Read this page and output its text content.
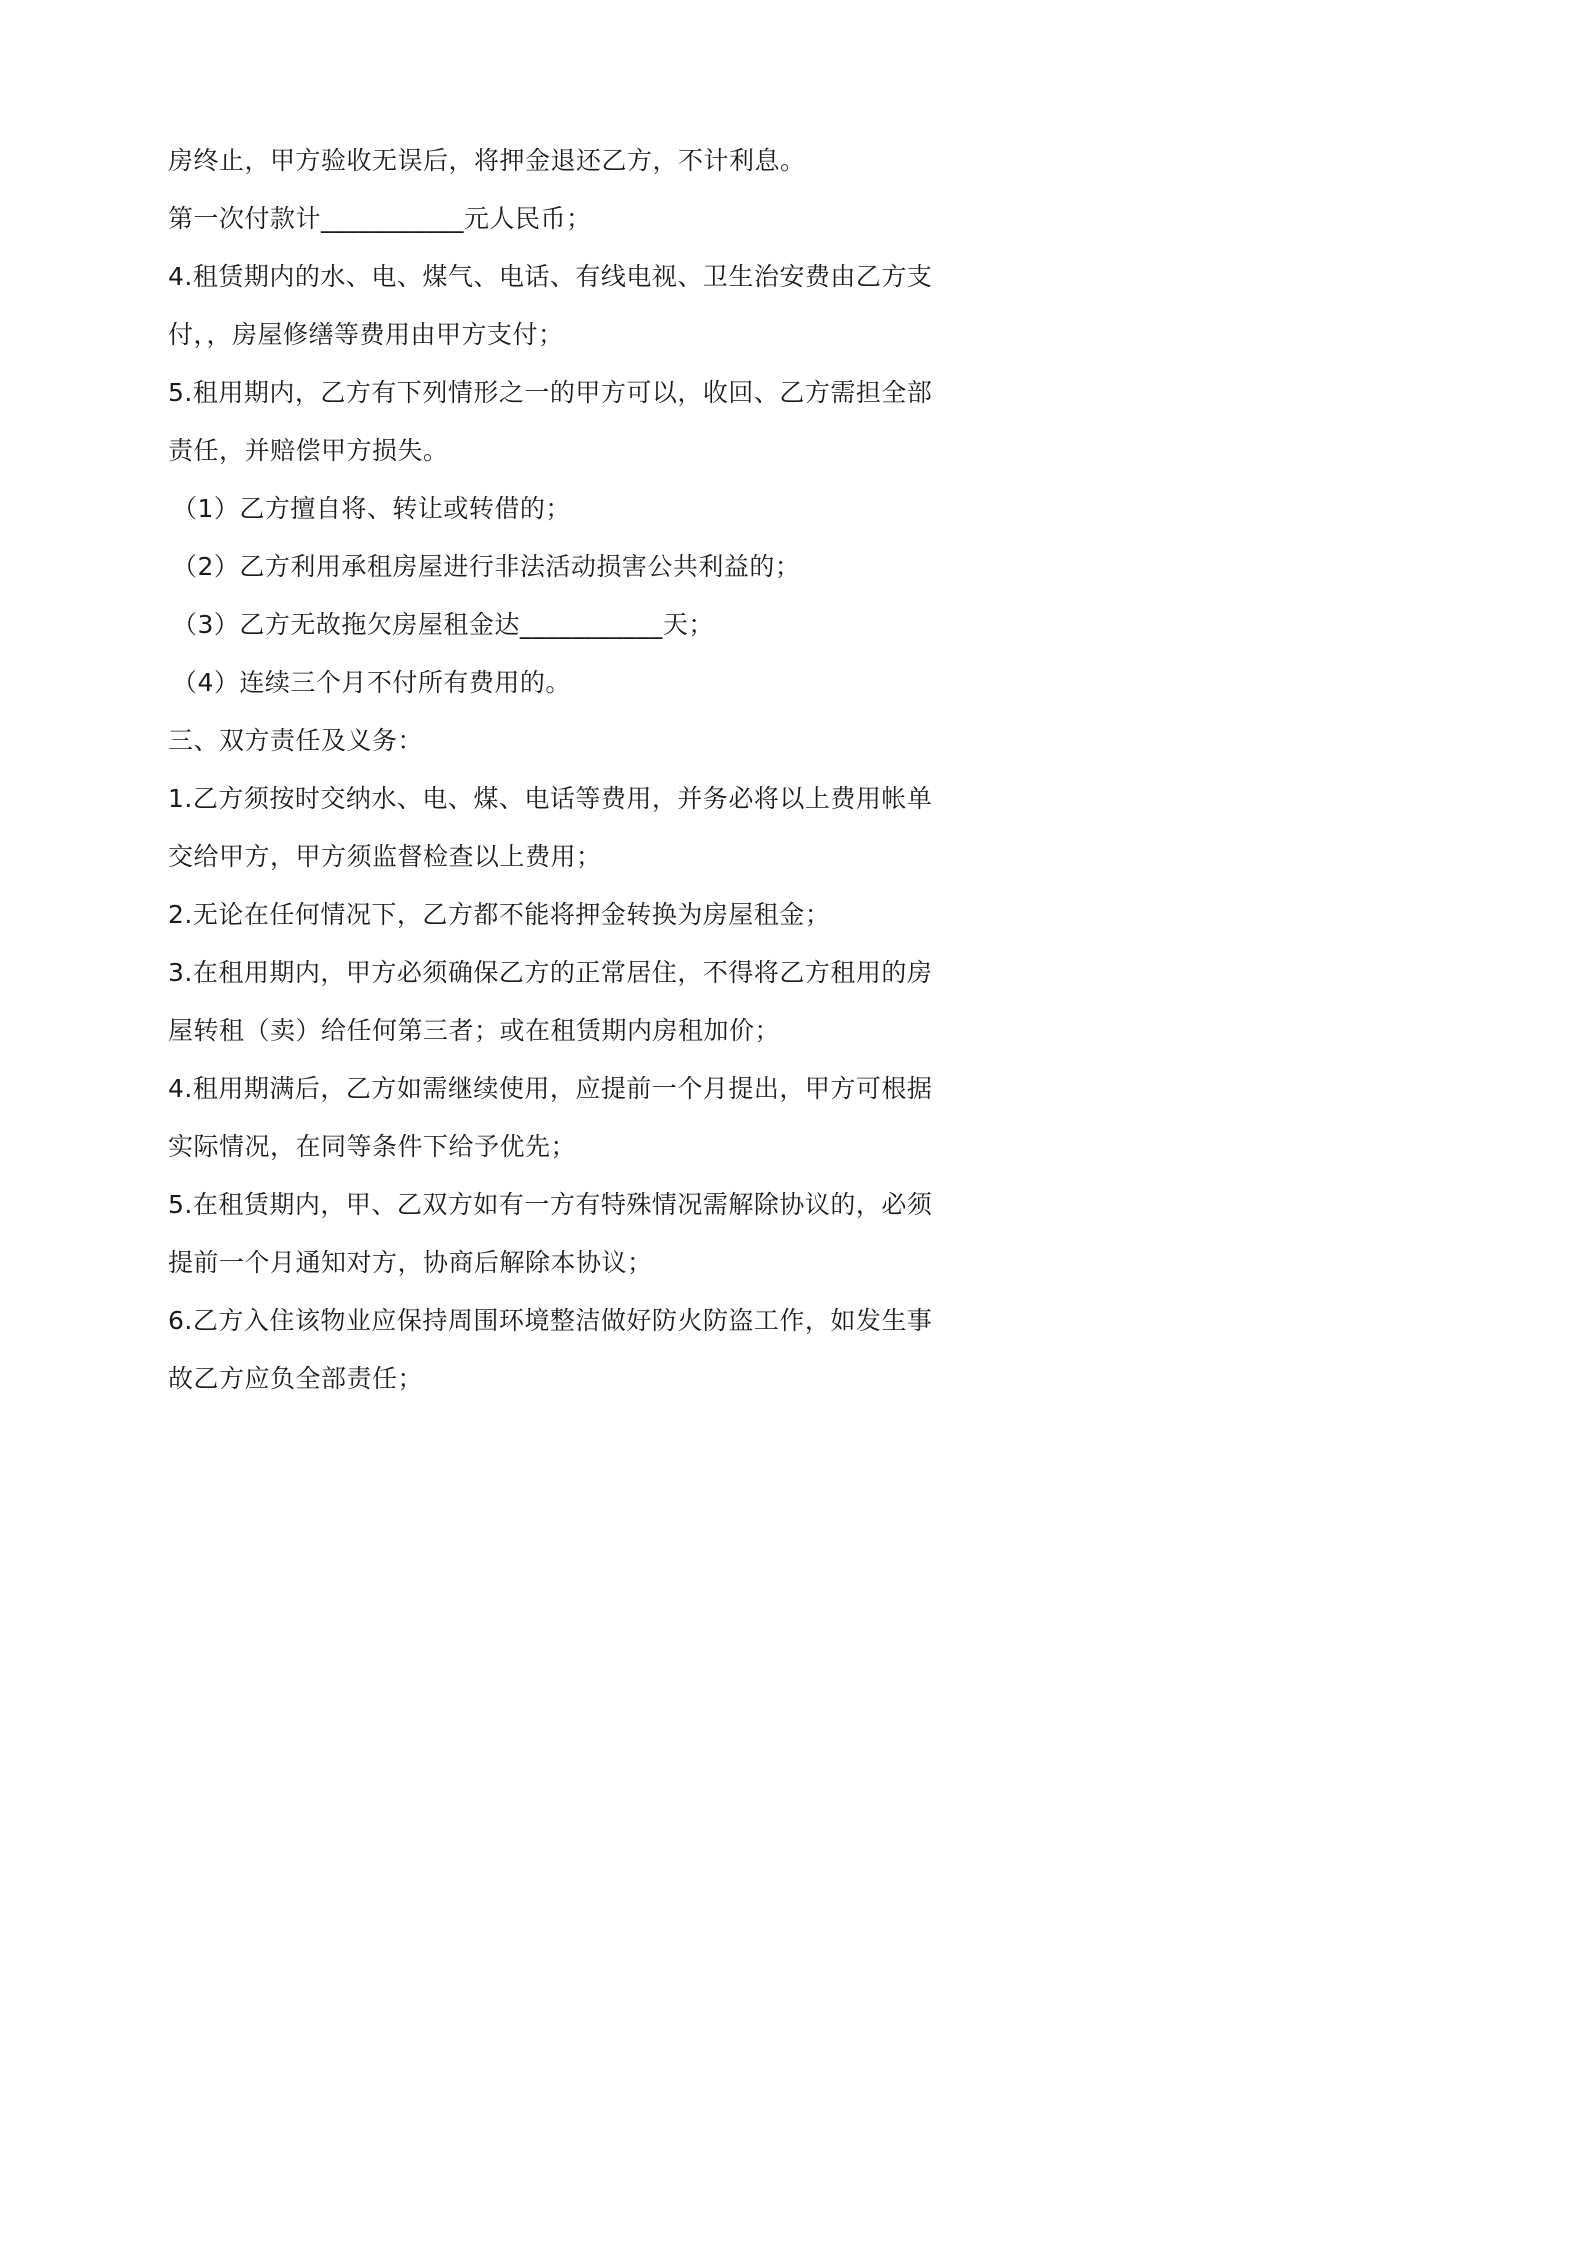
房终止，甲方验收无误后，将押金退还乙方，不计利息。
第一次付款计___________元人民币；
4.租赁期内的水、电、煤气、电话、有线电视、卫生治安费由乙方支
付，，房屋修缮等费用由甲方支付；
5.租用期内，乙方有下列情形之一的甲方可以，收回、乙方需担全部
责任，并赔偿甲方损失。
（1）乙方擅自将、转让或转借的；
（2）乙方利用承租房屋进行非法活动损害公共利益的；
（3）乙方无故拖欠房屋租金达___________天；
（4）连续三个月不付所有费用的。
三、双方责任及义务：
1.乙方须按时交纳水、电、煤、电话等费用，并务必将以上费用帐单
交给甲方，甲方须监督检查以上费用；
2.无论在任何情况下，乙方都不能将押金转换为房屋租金；
3.在租用期内，甲方必须确保乙方的正常居住，不得将乙方租用的房
屋转租（卖）给任何第三者；或在租赁期内房租加价；
4.租用期满后，乙方如需继续使用，应提前一个月提出，甲方可根据
实际情况，在同等条件下给予优先；
5.在租赁期内，甲、乙双方如有一方有特殊情况需解除协议的，必须
提前一个月通知对方，协商后解除本协议；
6.乙方入住该物业应保持周围环境整洁做好防火防盗工作，如发生事
故乙方应负全部责任；
